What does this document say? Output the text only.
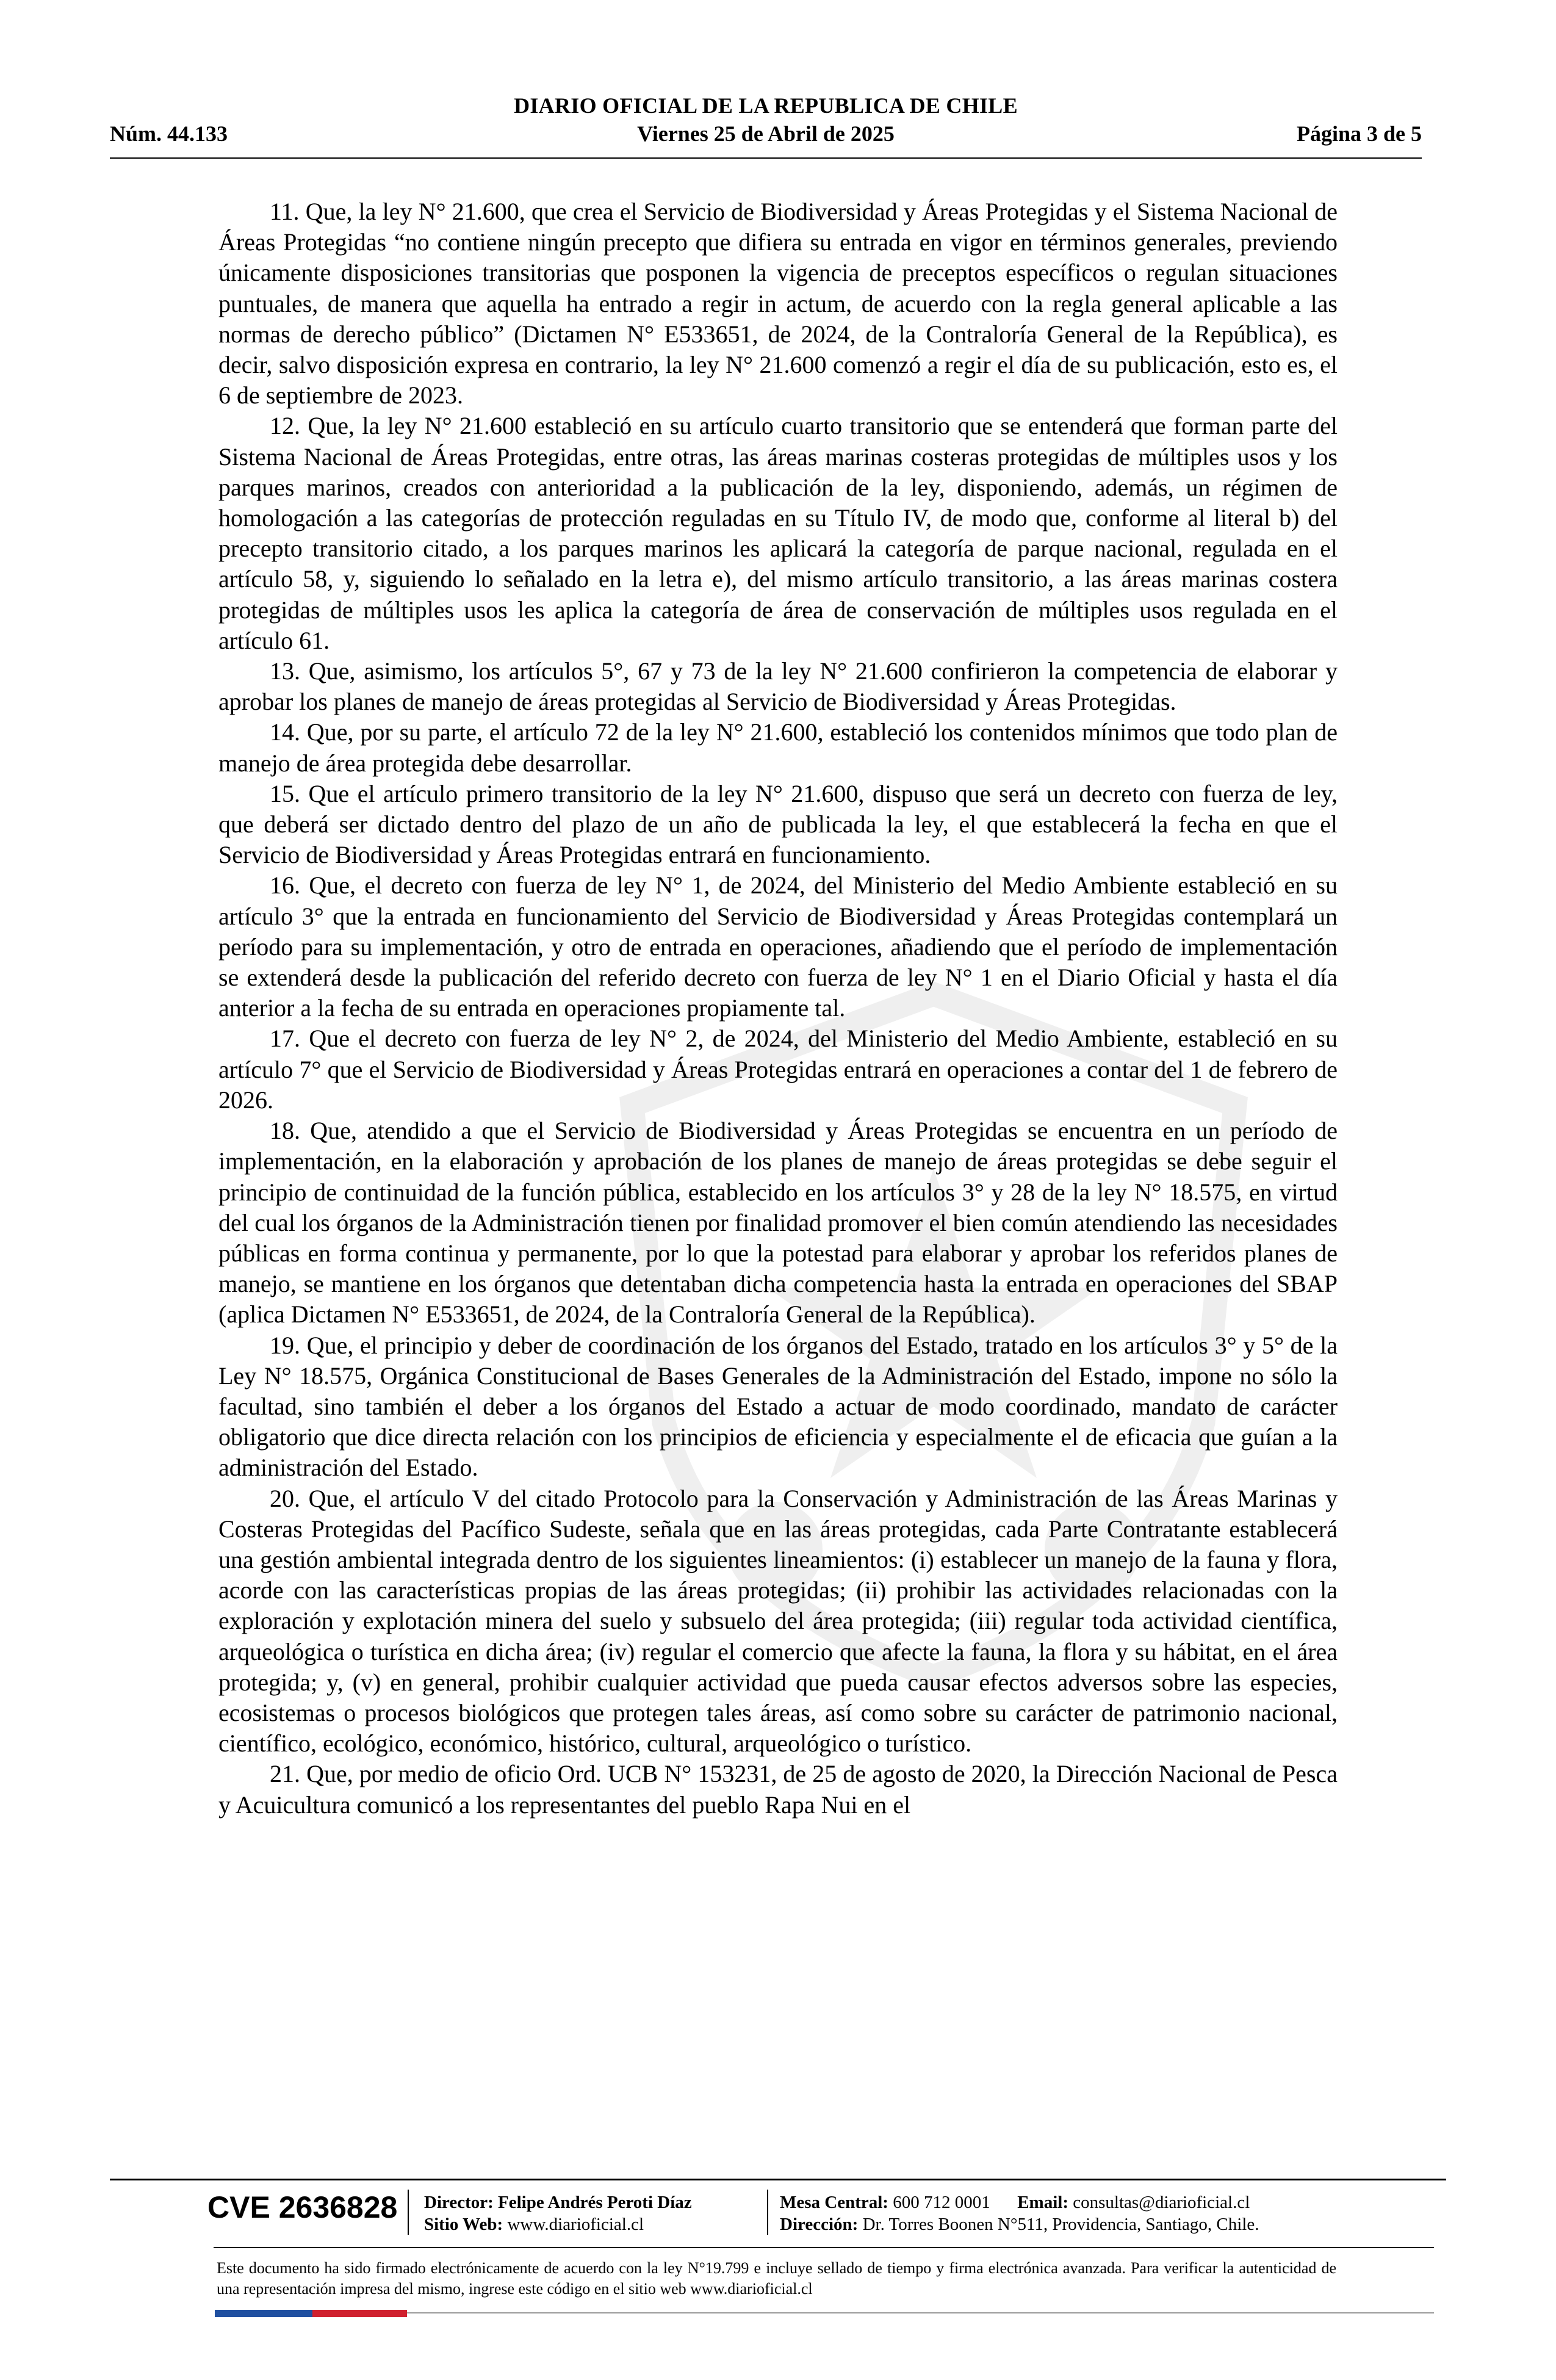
DIARIO OFICIAL DE LA REPUBLICA DE CHILE
Núm. 44.133	Viernes 25 de Abril de 2025	Página 3 de 5

11. Que, la ley N° 21.600, que crea el Servicio de Biodiversidad y Áreas Protegidas y el Sistema Nacional de Áreas Protegidas “no contiene ningún precepto que difiera su entrada en vigor en términos generales, previendo únicamente disposiciones transitorias que posponen la vigencia de preceptos específicos o regulan situaciones puntuales, de manera que aquella ha entrado a regir in actum, de acuerdo con la regla general aplicable a las normas de derecho público” (Dictamen N° E533651, de 2024, de la Contraloría General de la República), es decir, salvo disposición expresa en contrario, la ley N° 21.600 comenzó a regir el día de su publicación, esto es, el 6 de septiembre de 2023.

12. Que, la ley N° 21.600 estableció en su artículo cuarto transitorio que se entenderá que forman parte del Sistema Nacional de Áreas Protegidas, entre otras, las áreas marinas costeras protegidas de múltiples usos y los parques marinos, creados con anterioridad a la publicación de la ley, disponiendo, además, un régimen de homologación a las categorías de protección reguladas en su Título IV, de modo que, conforme al literal b) del precepto transitorio citado, a los parques marinos les aplicará la categoría de parque nacional, regulada en el artículo 58, y, siguiendo lo señalado en la letra e), del mismo artículo transitorio, a las áreas marinas costera protegidas de múltiples usos les aplica la categoría de área de conservación de múltiples usos regulada en el artículo 61.

13. Que, asimismo, los artículos 5°, 67 y 73 de la ley N° 21.600 confirieron la competencia de elaborar y aprobar los planes de manejo de áreas protegidas al Servicio de Biodiversidad y Áreas Protegidas.

14. Que, por su parte, el artículo 72 de la ley N° 21.600, estableció los contenidos mínimos que todo plan de manejo de área protegida debe desarrollar.

15. Que el artículo primero transitorio de la ley N° 21.600, dispuso que será un decreto con fuerza de ley, que deberá ser dictado dentro del plazo de un año de publicada la ley, el que establecerá la fecha en que el Servicio de Biodiversidad y Áreas Protegidas entrará en funcionamiento.

16. Que, el decreto con fuerza de ley N° 1, de 2024, del Ministerio del Medio Ambiente estableció en su artículo 3° que la entrada en funcionamiento del Servicio de Biodiversidad y Áreas Protegidas contemplará un período para su implementación, y otro de entrada en operaciones, añadiendo que el período de implementación se extenderá desde la publicación del referido decreto con fuerza de ley N° 1 en el Diario Oficial y hasta el día anterior a la fecha de su entrada en operaciones propiamente tal.

17. Que el decreto con fuerza de ley N° 2, de 2024, del Ministerio del Medio Ambiente, estableció en su artículo 7° que el Servicio de Biodiversidad y Áreas Protegidas entrará en operaciones a contar del 1 de febrero de 2026.

18. Que, atendido a que el Servicio de Biodiversidad y Áreas Protegidas se encuentra en un período de implementación, en la elaboración y aprobación de los planes de manejo de áreas protegidas se debe seguir el principio de continuidad de la función pública, establecido en los artículos 3° y 28 de la ley N° 18.575, en virtud del cual los órganos de la Administración tienen por finalidad promover el bien común atendiendo las necesidades públicas en forma continua y permanente, por lo que la potestad para elaborar y aprobar los referidos planes de manejo, se mantiene en los órganos que detentaban dicha competencia hasta la entrada en operaciones del SBAP (aplica Dictamen N° E533651, de 2024, de la Contraloría General de la República).

19. Que, el principio y deber de coordinación de los órganos del Estado, tratado en los artículos 3° y 5° de la Ley N° 18.575, Orgánica Constitucional de Bases Generales de la Administración del Estado, impone no sólo la facultad, sino también el deber a los órganos del Estado a actuar de modo coordinado, mandato de carácter obligatorio que dice directa relación con los principios de eficiencia y especialmente el de eficacia que guían a la administración del Estado.

20. Que, el artículo V del citado Protocolo para la Conservación y Administración de las Áreas Marinas y Costeras Protegidas del Pacífico Sudeste, señala que en las áreas protegidas, cada Parte Contratante establecerá una gestión ambiental integrada dentro de los siguientes lineamientos: (i) establecer un manejo de la fauna y flora, acorde con las características propias de las áreas protegidas; (ii) prohibir las actividades relacionadas con la exploración y explotación minera del suelo y subsuelo del área protegida; (iii) regular toda actividad científica, arqueológica o turística en dicha área; (iv) regular el comercio que afecte la fauna, la flora y su hábitat, en el área protegida; y, (v) en general, prohibir cualquier actividad que pueda causar efectos adversos sobre las especies, ecosistemas o procesos biológicos que protegen tales áreas, así como sobre su carácter de patrimonio nacional, científico, ecológico, económico, histórico, cultural, arqueológico o turístico.

21. Que, por medio de oficio Ord. UCB N° 153231, de 25 de agosto de 2020, la Dirección Nacional de Pesca y Acuicultura comunicó a los representantes del pueblo Rapa Nui en el

CVE 2636828 Director: Felipe Andrés Peroti Díaz
Sitio Web: www.diarioficial.cl
Mesa Central: 600 712 0001 Email: consultas@diarioficial.cl
Dirección: Dr. Torres Boonen N°511, Providencia, Santiago, Chile.
Este documento ha sido firmado electrónicamente de acuerdo con la ley N°19.799 e incluye sellado de tiempo y firma electrónica avanzada. Para verificar la autenticidad de una representación impresa del mismo, ingrese este código en el sitio web www.diarioficial.cl
